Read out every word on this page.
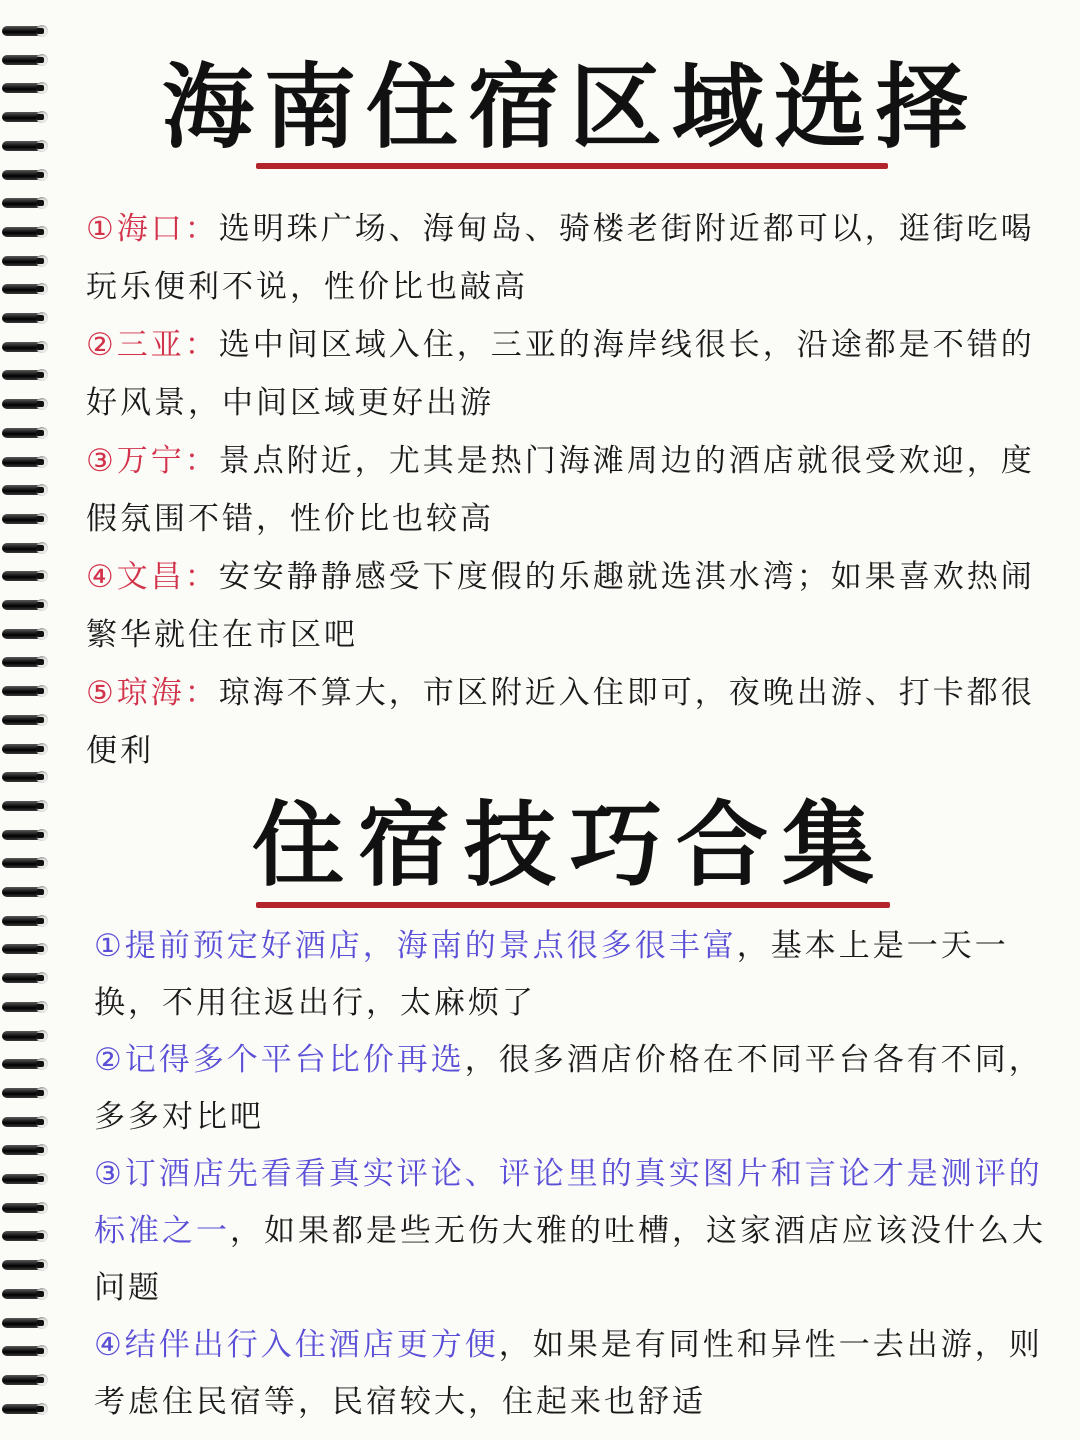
海南住宿区域选择
①海口：选明珠广场、海甸岛、骑楼老街附近都可以，逛街吃喝玩乐便利不说，性价比也敲高
②三亚：选中间区域入住，三亚的海岸线很长，沿途都是不错的好风景，中间区域更好出游
③万宁：景点附近，尤其是热门海滩周边的酒店就很受欢迎，度假氛围不错，性价比也较高
④文昌：安安静静感受下度假的乐趣就选淇水湾；如果喜欢热闹繁华就住在市区吧
⑤琼海：琼海不算大，市区附近入住即可，夜晚出游、打卡都很便利
住宿技巧合集
①提前预定好酒店，海南的景点很多很丰富，基本上是一天一换，不用往返出行，太麻烦了
②记得多个平台比价再选，很多酒店价格在不同平台各有不同，多多对比吧
③订酒店先看看真实评论、评论里的真实图片和言论才是测评的标准之一，如果都是些无伤大雅的吐槽，这家酒店应该没什么大问题
④结伴出行入住酒店更方便，如果是有同性和异性一去出游，则考虑住民宿等，民宿较大，住起来也舒适
